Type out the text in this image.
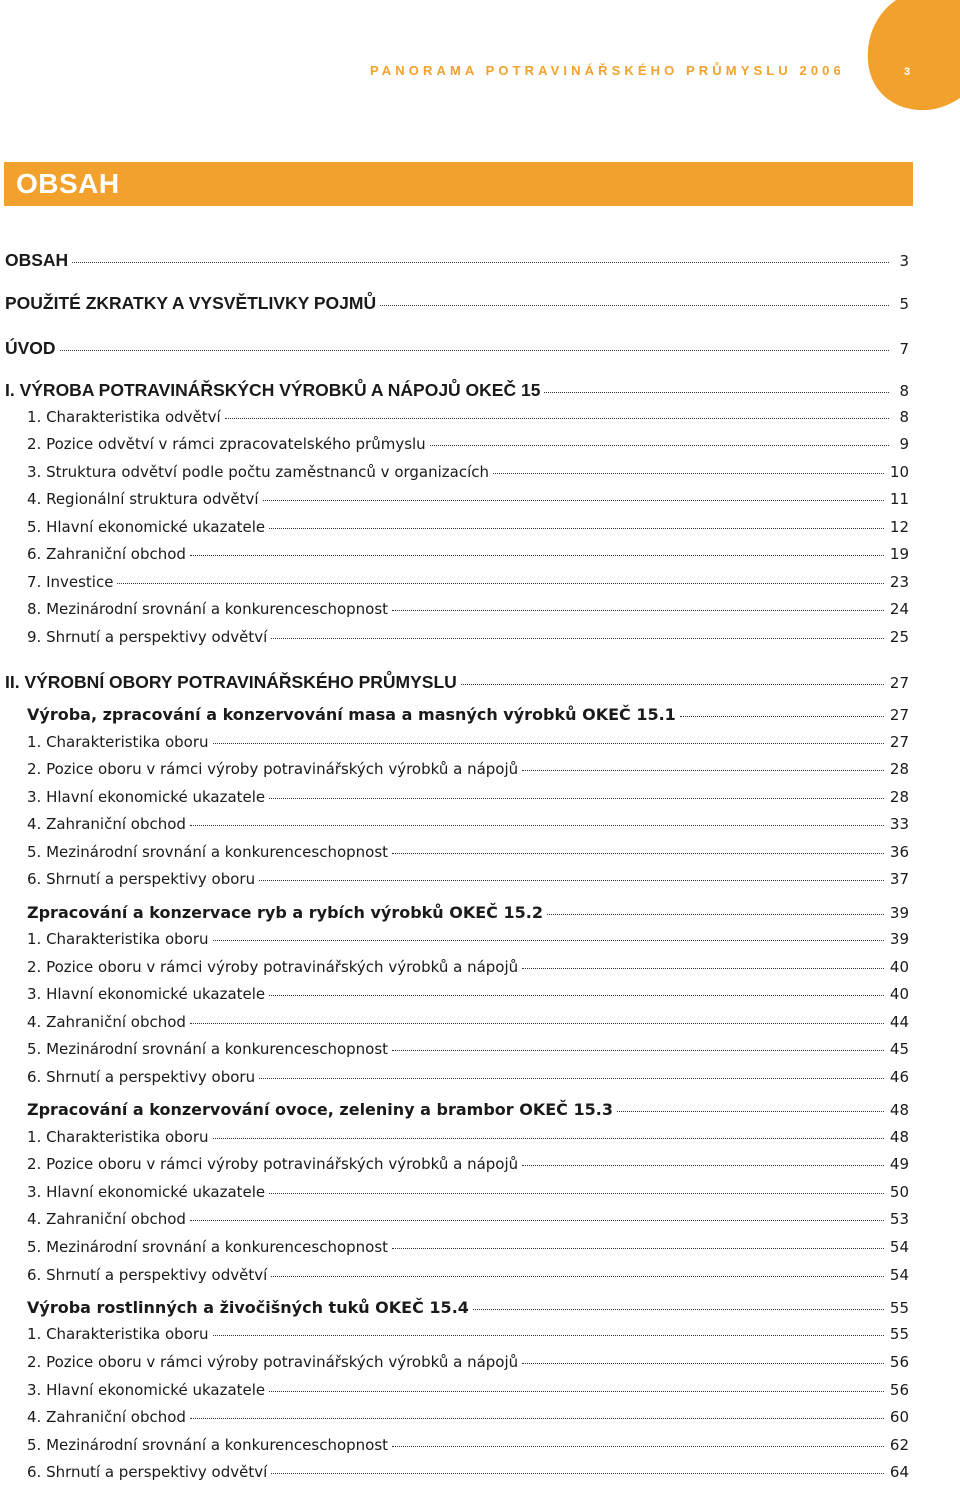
PANORAMA POTRAVINÁŘSKÉHO PRŮMYSLU 2006	3
OBSAH
OBSAH	3
POUŽITÉ ZKRATKY A VYSVĚTLIVKY POJMŮ	5
ÚVOD	7
I. VÝROBA POTRAVINÁŘSKÝCH VÝROBKŮ A NÁPOJŮ OKEČ 15	8
1. Charakteristika odvětví	8
2. Pozice odvětví v rámci zpracovatelského průmyslu	9
3. Struktura odvětví podle počtu zaměstnanců v organizacích	10
4. Regionální struktura odvětví	11
5. Hlavní ekonomické ukazatele	12
6. Zahraniční obchod	19
7. Investice	23
8. Mezinárodní srovnání a konkurenceschopnost	24
9. Shrnutí a perspektivy odvětví	25
II. VÝROBNÍ OBORY POTRAVINÁŘSKÉHO PRŮMYSLU	27
Výroba, zpracování a konzervování masa a masných výrobků OKEČ 15.1	27
1. Charakteristika oboru	27
2. Pozice oboru v rámci výroby potravinářských výrobků a nápojů	28
3. Hlavní ekonomické ukazatele	28
4. Zahraniční obchod	33
5. Mezinárodní srovnání a konkurenceschopnost	36
6. Shrnutí a perspektivy oboru	37
Zpracování a konzervace ryb a rybích výrobků OKEČ 15.2	39
1. Charakteristika oboru	39
2. Pozice oboru v rámci výroby potravinářských výrobků a nápojů	40
3. Hlavní ekonomické ukazatele	40
4. Zahraniční obchod	44
5. Mezinárodní srovnání a konkurenceschopnost	45
6. Shrnutí a perspektivy oboru	46
Zpracování a konzervování ovoce, zeleniny a brambor OKEČ 15.3	48
1. Charakteristika oboru	48
2. Pozice oboru v rámci výroby potravinářských výrobků a nápojů	49
3. Hlavní ekonomické ukazatele	50
4. Zahraniční obchod	53
5. Mezinárodní srovnání a konkurenceschopnost	54
6. Shrnutí a perspektivy odvětví	54
Výroba rostlinných a živočišných tuků OKEČ 15.4	55
1. Charakteristika oboru	55
2. Pozice oboru v rámci výroby potravinářských výrobků a nápojů	56
3. Hlavní ekonomické ukazatele	56
4. Zahraniční obchod	60
5. Mezinárodní srovnání a konkurenceschopnost	62
6. Shrnutí a perspektivy odvětví	64
